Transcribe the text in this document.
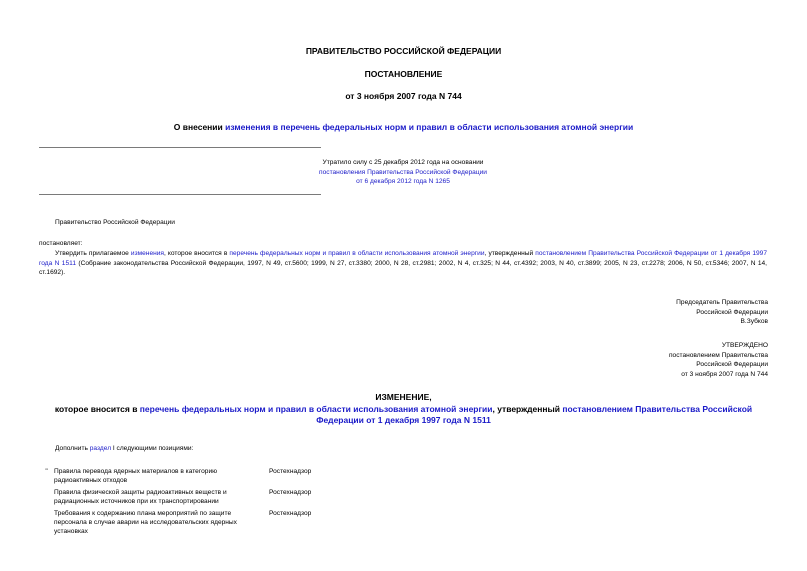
ПРАВИТЕЛЬСТВО РОССИЙСКОЙ ФЕДЕРАЦИИ
ПОСТАНОВЛЕНИЕ
от 3 ноября 2007 года N 744
О внесении изменения в перечень федеральных норм и правил в области использования атомной энергии
Утратило силу с 25 декабря 2012 года на основании
постановления Правительства Российской Федерации
от 6 декабря 2012 года N 1265
Правительство Российской Федерации
постановляет:
Утвердить прилагаемое изменения, которое вносится в перечень федеральных норм и правил в области использования атомной энергии, утвержденный постановлением Правительства Российской Федерации от 1 декабря 1997 года N 1511 (Собрание законодательства Российской Федерации, 1997, N 49, ст.5600; 1999, N 27, ст.3380; 2000, N 28, ст.2981; 2002, N 4, ст.325; N 44, ст.4392; 2003, N 40, ст.3899; 2005, N 23, ст.2278; 2006, N 50, ст.5346; 2007, N 14, ст.1692).
Председатель Правительства
Российской Федерации
В.Зубков
УТВЕРЖДЕНО
постановлением Правительства
Российской Федерации
от 3 ноября 2007 года N 744
ИЗМЕНЕНИЕ,
которое вносится в перечень федеральных норм и правил в области использования атомной энергии, утвержденный постановлением Правительства Российской
Федерации от 1 декабря 1997 года N 1511
Дополнить раздел I следующими позициями:
"	Правила перевода ядерных материалов в категорию
радиоактивных отходов	Ростехнадзор

	Правила физической защиты радиоактивных веществ и
радиационных источников при их транспортировании	Ростехнадзор

	Требования к содержанию плана мероприятий по защите
персонала в случае аварии на исследовательских ядерных
установках	Ростехнадзор
